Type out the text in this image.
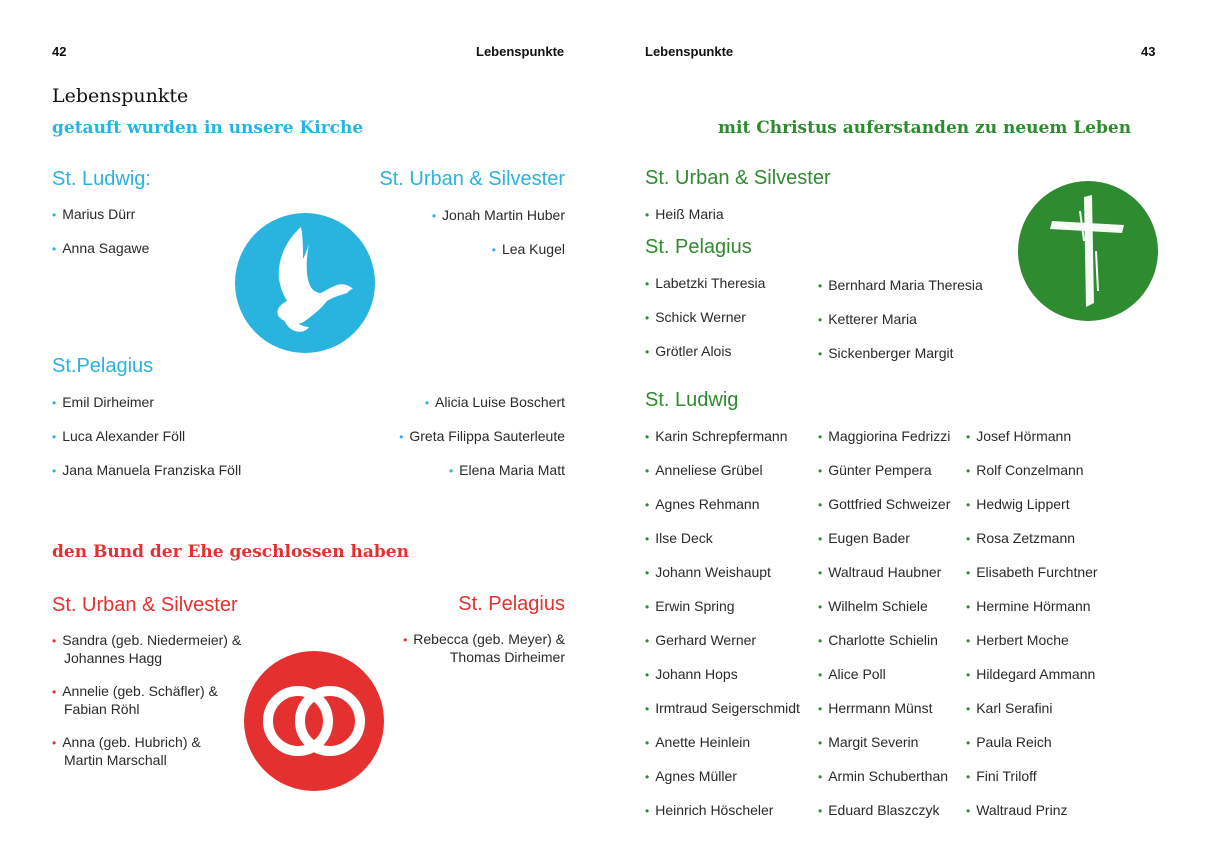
42	Lebenspunkte
Lebenspunkte
getauft wurden in unsere Kirche
St. Ludwig:
• Marius Dürr
• Anna Sagawe
St. Urban & Silvester
• Jonah Martin Huber
• Lea Kugel
St.Pelagius
• Emil Dirheimer
• Luca Alexander Föll
• Jana Manuela Franziska Föll
• Alicia Luise Boschert
• Greta Filippa Sauterleute
• Elena Maria Matt
den Bund der Ehe geschlossen haben
St. Urban & Silvester
• Sandra (geb. Niedermeier) &
Johannes Hagg
• Annelie (geb. Schäfler) &
Fabian Röhl
• Anna (geb. Hubrich) &
Martin Marschall
St. Pelagius
• Rebecca (geb. Meyer) &
Thomas Dirheimer
Lebenspunkte	43
mit Christus auferstanden zu neuem Leben
St. Urban & Silvester
• Heiß Maria
St. Pelagius
• Labetzki Theresia
• Schick Werner
• Grötler Alois
• Bernhard Maria Theresia
• Ketterer Maria
• Sickenberger Margit
St. Ludwig
• Karin Schrepfermann
• Anneliese Grübel
• Agnes Rehmann
• Ilse Deck
• Johann Weishaupt
• Erwin Spring
• Gerhard Werner
• Johann Hops
• Irmtraud Seigerschmidt
• Anette Heinlein
• Agnes Müller
• Heinrich Höscheler
• Maggiorina Fedrizzi
• Günter Pempera
• Gottfried Schweizer
• Eugen Bader
• Waltraud Haubner
• Wilhelm Schiele
• Charlotte Schielin
• Alice Poll
• Herrmann Münst
• Margit Severin
• Armin Schuberthan
• Eduard Blaszczyk
• Josef Hörmann
• Rolf Conzelmann
• Hedwig Lippert
• Rosa Zetzmann
• Elisabeth Furchtner
• Hermine Hörmann
• Herbert Moche
• Hildegard Ammann
• Karl Serafini
• Paula Reich
• Fini Triloff
• Waltraud Prinz
